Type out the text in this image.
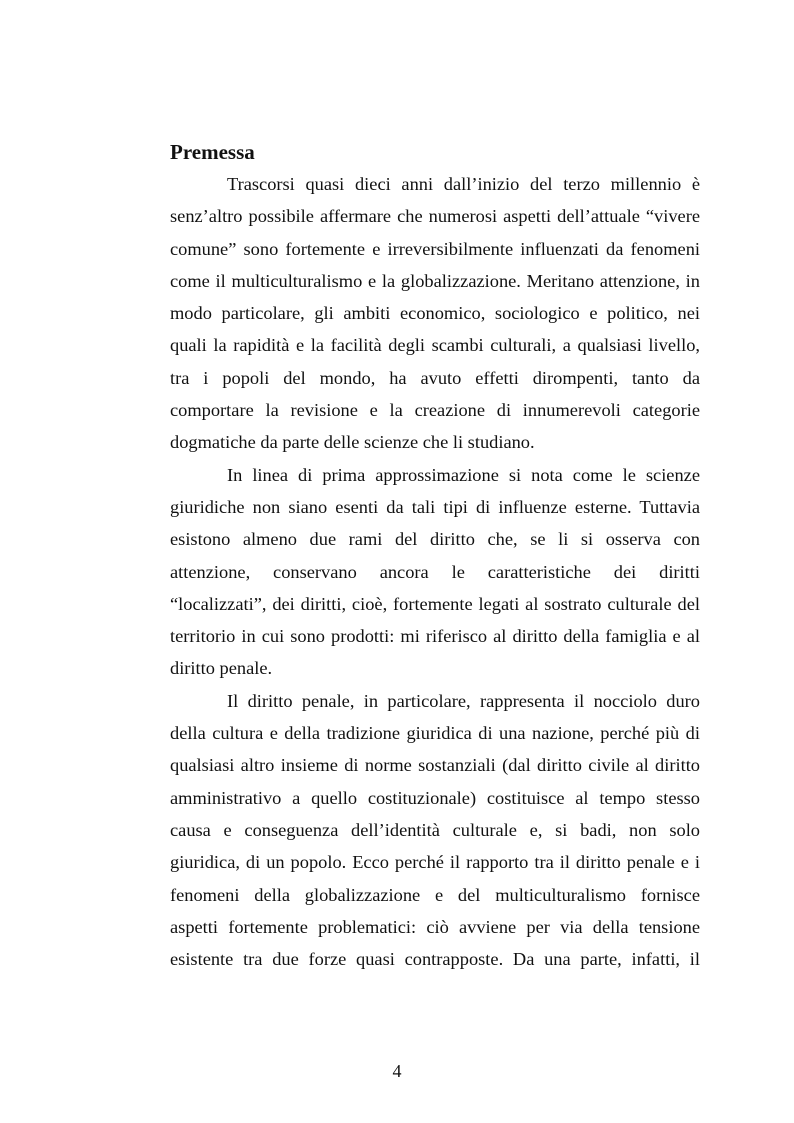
Premessa

Trascorsi quasi dieci anni dall’inizio del terzo millennio è
senz’altro possibile affermare che numerosi aspetti dell’attuale “vivere
comune” sono fortemente e irreversibilmente influenzati da fenomeni
come il multiculturalismo e la globalizzazione. Meritano attenzione, in
modo particolare, gli ambiti economico, sociologico e politico, nei
quali la rapidità e la facilità degli scambi culturali, a qualsiasi livello,
tra i popoli del mondo, ha avuto effetti dirompenti, tanto da
comportare la revisione e la creazione di innumerevoli categorie
dogmatiche da parte delle scienze che li studiano.

In linea di prima approssimazione si nota come le scienze
giuridiche non siano esenti da tali tipi di influenze esterne. Tuttavia
esistono almeno due rami del diritto che, se li si osserva con
attenzione, conservano ancora le caratteristiche dei diritti
“localizzati”, dei diritti, cioè, fortemente legati al sostrato culturale del
territorio in cui sono prodotti: mi riferisco al diritto della famiglia e al
diritto penale.

Il diritto penale, in particolare, rappresenta il nocciolo duro
della cultura e della tradizione giuridica di una nazione, perché più di
qualsiasi altro insieme di norme sostanziali (dal diritto civile al diritto
amministrativo a quello costituzionale) costituisce al tempo stesso
causa e conseguenza dell’identità culturale e, si badi, non solo
giuridica, di un popolo. Ecco perché il rapporto tra il diritto penale e i
fenomeni della globalizzazione e del multiculturalismo fornisce
aspetti fortemente problematici: ciò avviene per via della tensione
esistente tra due forze quasi contrapposte. Da una parte, infatti, il

4
